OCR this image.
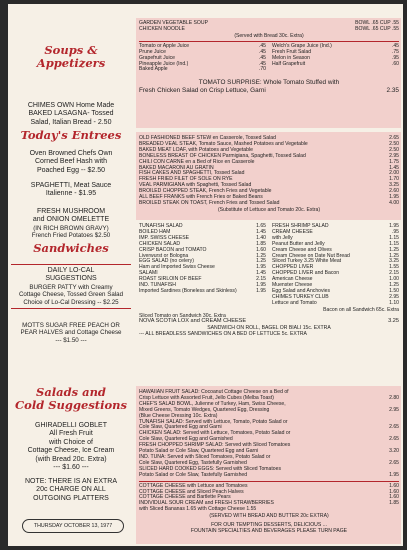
Soups &
Appetizers
CHIMES OWN Home Made
BAKED LASAGNA- Tossed
Salad, Italian Bread - 2.50
Today's Entrees
Oven Browned Chefs Own
Corned Beef Hash with
Poached Egg -- $2.50
SPAGHETTI, Meat Sauce
Italienne - $1.95
FRESH MUSHROOM
and ONION OMELETTE
(IN RICH BROWN GRAVY)
French Fried Potatoes $2.50
Sandwiches
DAILY LO-CAL
SUGGESTIONS
BURGER PATTY with Creamy
Cottage Cheese, Tossed Green Salad
Choice of Lo-Cal Dressing -- $2.25
MOTTS SUGAR FREE PEACH OR
PEAR HALVES and Cottage Cheese
--- $1.50 ---
Salads and
Cold Suggestions
GHIRADELLI GOBLET
All Fresh Fruit
with Choice of
Cottage Cheese, Ice Cream
(with Bread 20c. Extra)
--- $1.60 ---
NOTE: THERE IS AN EXTRA
20c CHARGE ON ALL
OUTGOING PLATTERS
THURSDAY OCTOBER 13, 1977
GARDEN VEGETABLE SOUP	BOWL .65 CUP .55
CHICKEN NOODLE	BOWL .65 CUP .55
(Served with Bread 30c. Extra)
Tomato or Apple Juice	.45
Prune Juice	.45
Grapefruit Juice	.45
Pineapple Juice (Ind.)	.45
Baked Apple	.70
Welch's Grape Juice (Ind.)	.45
Fresh Fruit Salad	.75
Melon in Season	.95
Half Grapefruit	.60
TOMATO SURPRISE: Whole Tomato Stuffed with
Fresh Chicken Salad on Crisp Lettuce, Garni	2.35
OLD FASHIONED BEEF STEW en Casserole, Tossed Salad	2.65
BREADED VEAL STEAK, Tomato Sauce, Mashed Potatoes and Vegetable	2.50
BAKED MEAT LOAF, with Potatoes and Vegetable	2.50
BONELESS BREAST OF CHICKEN Parmigiana, Spaghetti, Tossed Salad	2.95
CHILI CON CARNE en a Bed of Rice en Casserole	1.75
BAKED MACARONI AU GRATIN	1.45
FISH CAKES AND SPAGHETTI, Tossed Salad	2.00
FRESH FRIED FILET OF SOLE ON RYE	1.70
VEAL PARMIGIANA with Spaghetti, Tossed Salad	3.25
BROILED CHOPPED STEAK, French Fries and Vegetable	2.60
ALL BEEF FRANKS with French Fries or Baked Beans	1.95
BROILED STEAK ON TOAST, French Fries and Tossed Salad	4.00
(Substitute of Lettuce and Tomato 20c. Extra)
TUNAFISH SALAD	1.65
BOILED HAM	1.45
IMP. SWISS CHEESE	1.40
CHICKEN SALAD	1.85
CRISP BACON and TOMATO	1.60
Liverwurst or Bologna	1.25
EGG SALAD (no celery)	1.25
Ham and Imported Swiss Cheese	1.95
SALAMI	1.45
ROAST SIRLOIN OF BEEF	2.15
IND. TUNAFISH	1.95
Imported Sardines (Boneless and Skinless)	1.95
FRESH SHRIMP SALAD	1.95
CREAM CHEESE	.95
with Jelly	1.15
Peanut Butter and Jelly	1.15
Cream Cheese and Olives	1.25
Cream Cheese on Date Nut Bread	1.25
Sliced Turkey 3.25 White Meat	3.25
CHOPPED LIVER	1.55
CHOPPED LIVER and Bacon	2.15
American Cheese	1.00
Muenster Cheese	1.25
Egg Salad and Anchovies	1.50
CHIMES TURKEY CLUB	2.95
Lettuce and Tomato	1.10
Bacon on all Sandwich 65c. Extra
Sliced Tomato on Sandwich 30c. Extra
NOVA SCOTIA LOX and CREAM CHEESE	3.25
SANDWICH ON ROLL, BAGEL OR BIALI 15c. EXTRA
--- ALL BREADLESS SANDWICHES ON A BED OF LETTUCE 5c. EXTRA
HAWAIIAN FRUIT SALAD: Cocoanut Cottage Cheese on a Bed of
Crisp Lettuce with Assorted Fruit, Jello Cubes (Melba Toast)	2.80
CHEF'S SALAD BOWL, Julienne of Turkey, Ham, Swiss Cheese,
Mixed Greens, Tomato Wedges, Quartered Egg, Dressing	2.95
(Blue Cheese Dressing 10c. Extra)
TUNAFISH SALAD: Served with Lettuce, Tomato, Potato Salad or
Cole Slaw, Quartered Egg and Garni	2.65
CHICKEN SALAD: Served with Lettuce, Tomatoes, Potato Salad or
Cole Slaw, Quartered Egg and Garnished	2.65
FRESH CHOPPED SHRIMP SALAD: Served with Sliced Tomatoes
Potato Salad or Cole Slaw, Quartered Egg and Garni	3.20
IND. TUNA: Served with Sliced Tomatoes, Potato Salad or
Cole Slaw, Quartered Egg, Tastefully Garnished	2.65
SLICED HARD COOKED EGGS: Served with Sliced Tomatoes
Potato Salad or Cole Slaw, Tastefully Garnished	1.95
COTTAGE CHEESE with Lettuce and Tomatoes	1.60
COTTAGE CHEESE and Sliced Peach Halves	1.60
COTTAGE CHEESE and Bartlette Pears	1.60
INDIVIDUAL SOUR CREAM and FRESH STRAWBERRIES	1.85
with Sliced Bananas 1.65 with Cottage Cheese 1.55
(SERVED WITH BREAD AND BUTTER 20c EXTRA)
FOR OUR TEMPTING DESSERTS, DELICIOUS ...
FOUNTAIN SPECIALTIES AND BEVERAGES PLEASE TURN PAGE
